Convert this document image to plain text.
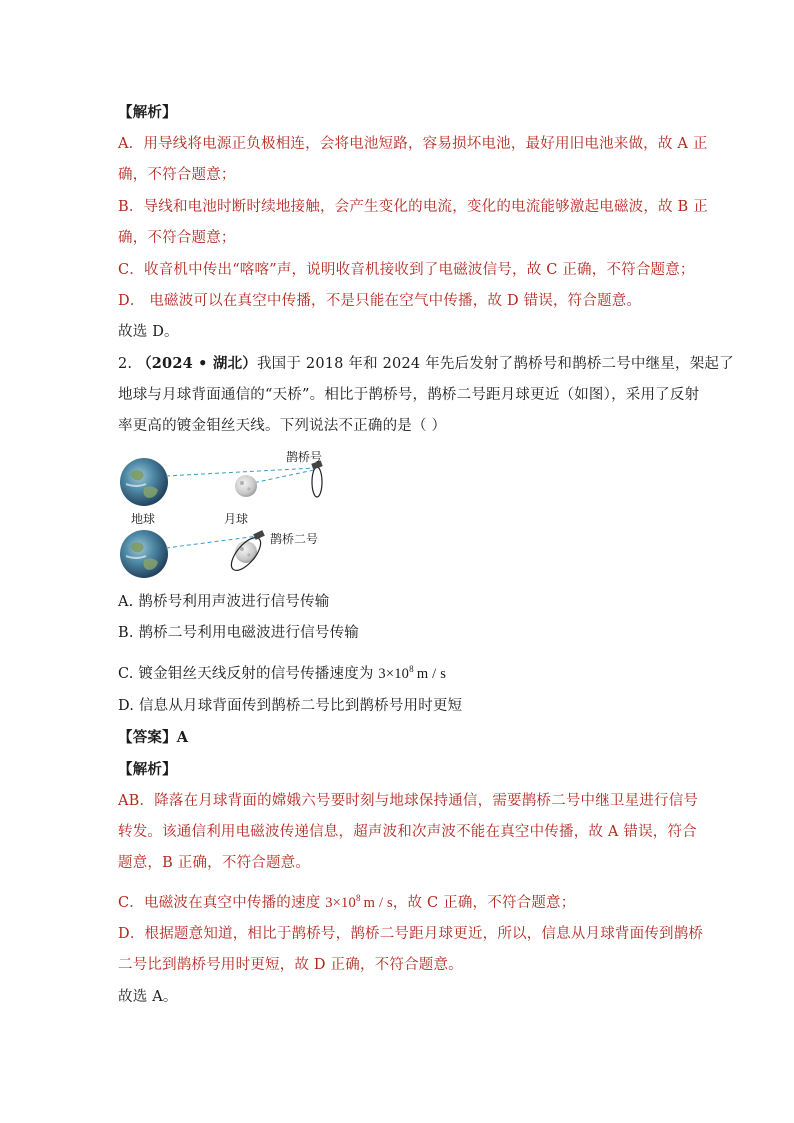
【解析】
A．用导线将电源正负极相连，会将电池短路，容易损坏电池，最好用旧电池来做，故 A 正
确，不符合题意；
B．导线和电池时断时续地接触，会产生变化的电流，变化的电流能够激起电磁波，故 B 正
确，不符合题意；
C．收音机中传出“喀喀”声，说明收音机接收到了电磁波信号，故 C 正确，不符合题意；
D． 电磁波可以在真空中传播，不是只能在空气中传播，故 D 错误，符合题意。
故选 D。
2. （2024 • 湖北）我国于 2018 年和 2024 年先后发射了鹊桥号和鹊桥二号中继星，架起了
地球与月球背面通信的“天桥”。相比于鹊桥号，鹊桥二号距月球更近（如图），采用了反射
率更高的镀金钼丝天线。下列说法不正确的是（ ）
鹊桥号
地球	月球
鹊桥二号
A. 鹊桥号利用声波进行信号传输
B. 鹊桥二号利用电磁波进行信号传输
C. 镀金钼丝天线反射的信号传播速度为 $3\times 10^8$ m / s
D. 信息从月球背面传到鹊桥二号比到鹊桥号用时更短
【答案】A
【解析】
AB．降落在月球背面的嫦娥六号要时刻与地球保持通信，需要鹊桥二号中继卫星进行信号
转发。该通信利用电磁波传递信息，超声波和次声波不能在真空中传播，故 A 错误，符合
题意，B 正确，不符合题意。
C．电磁波在真空中传播的速度 $3\times 10^8$ m / s，故 C 正确，不符合题意；
D．根据题意知道，相比于鹊桥号，鹊桥二号距月球更近，所以，信息从月球背面传到鹊桥
二号比到鹊桥号用时更短，故 D 正确，不符合题意。
故选 A。
